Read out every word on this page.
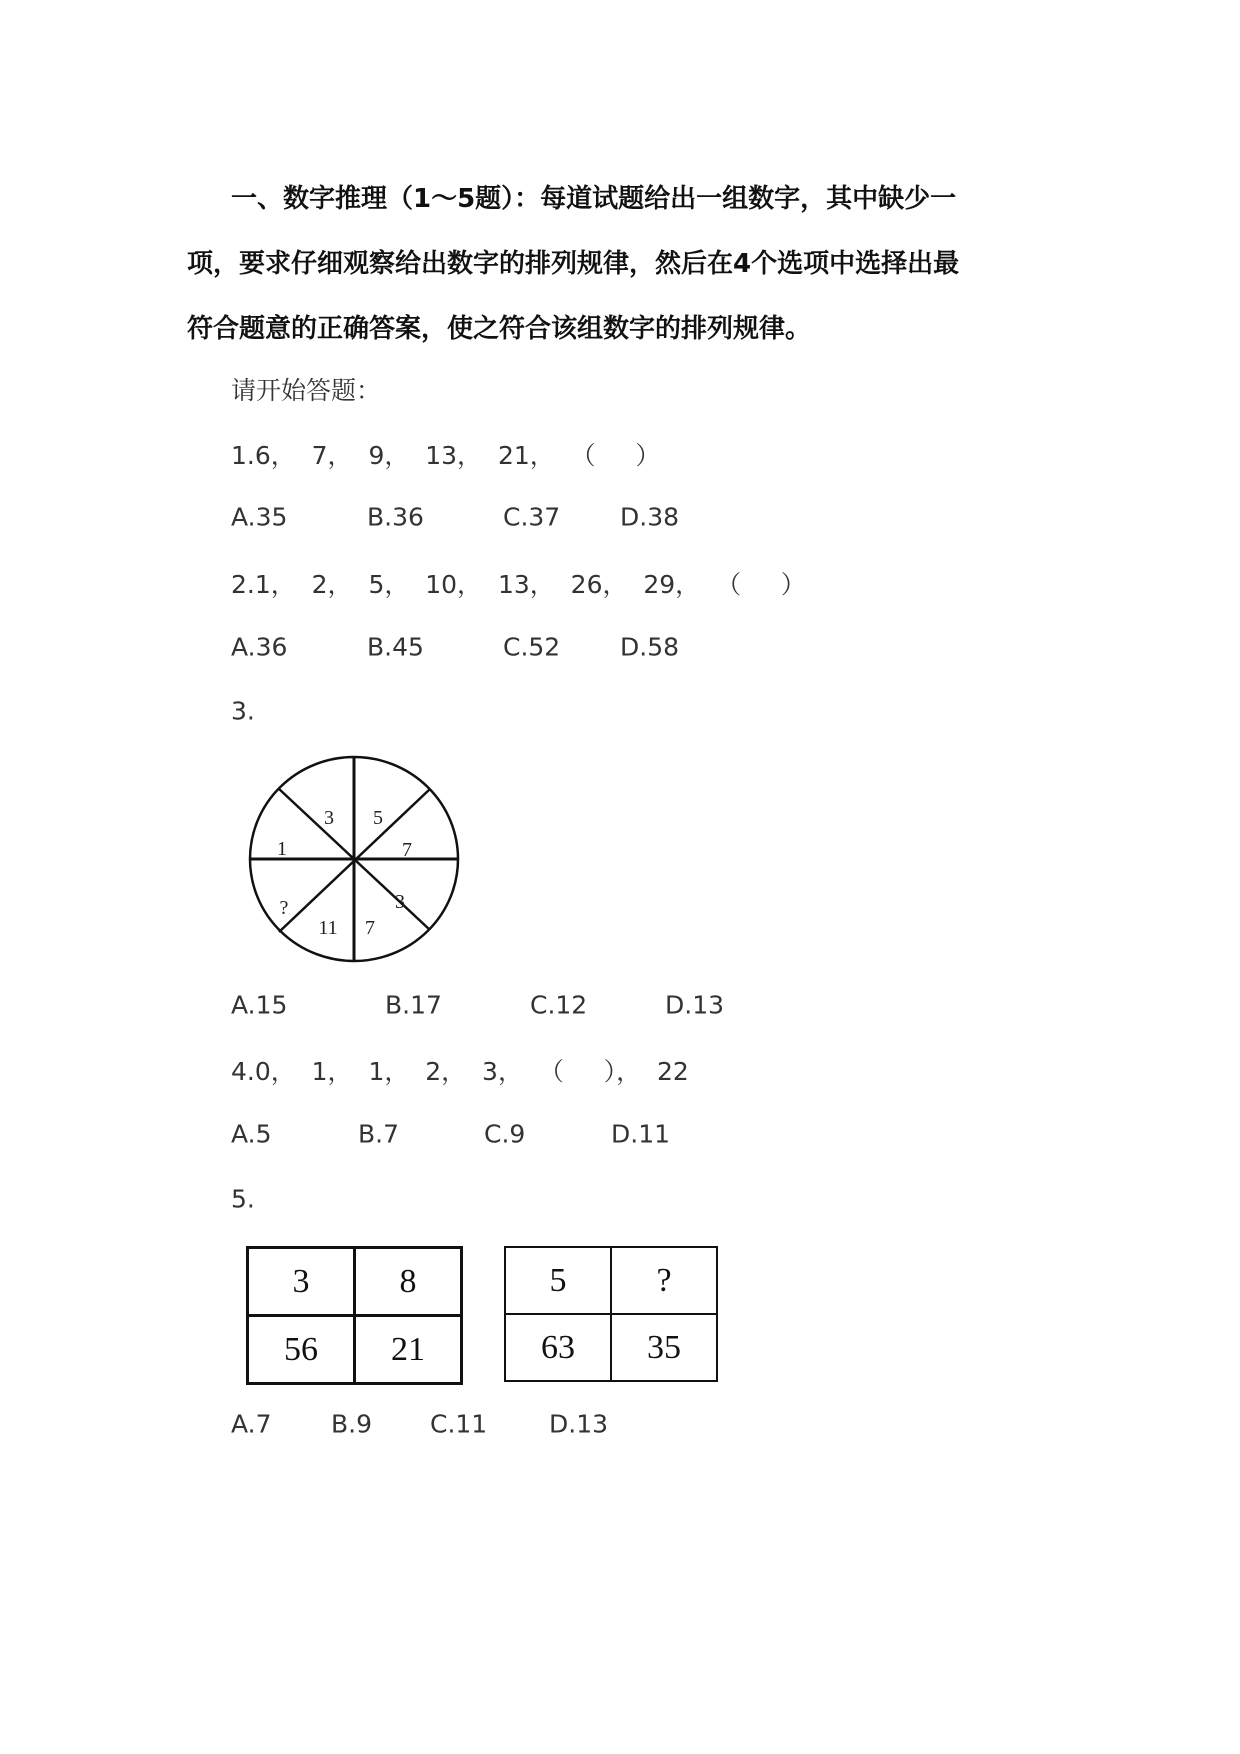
一、数字推理（1～5题）：每道试题给出一组数字，其中缺少一
项，要求仔细观察给出数字的排列规律，然后在4个选项中选择出最
符合题意的正确答案，使之符合该组数字的排列规律。
请开始答题：
1.6，  7，  9，  13，  21，  （     ）
A.35	B.36	C.37 D.38
2.1，  2，  5，  10，  13，  26，  29，  （     ）
A.36	B.45	C.52 D.58
3.
3 5
7
3
7
11
?
1
A.15	B.17	C.12	D.13
4.0，  1，  1，  2，  3，  （     ），  22
A.5	B.7	C.9	D.11
5.
3	8
56	21
5	?
63	35
A.7 B.9 C.11 D.13
